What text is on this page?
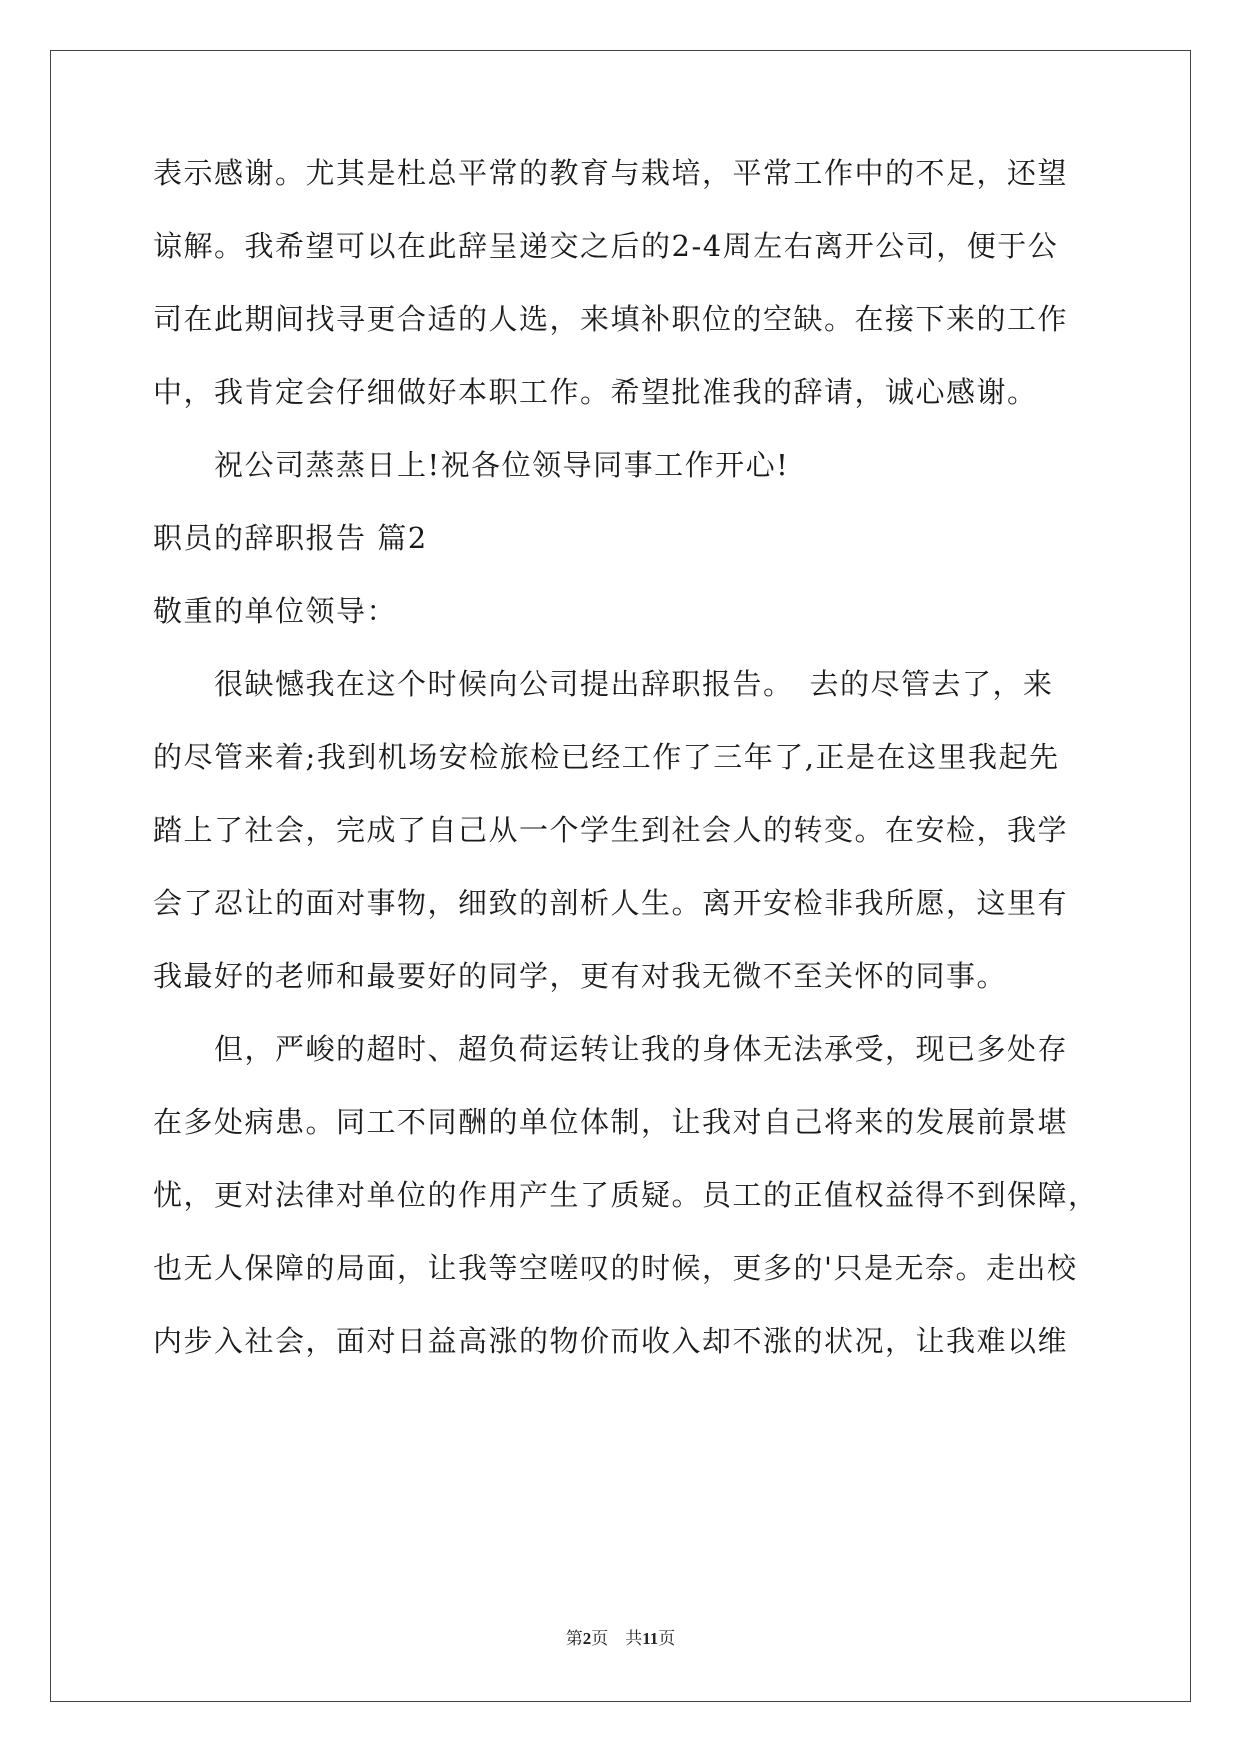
表示感谢。尤其是杜总平常的教育与栽培，平常工作中的不足，还望
谅解。我希望可以在此辞呈递交之后的2-4周左右离开公司，便于公
司在此期间找寻更合适的人选，来填补职位的空缺。在接下来的工作
中，我肯定会仔细做好本职工作。希望批准我的辞请，诚心感谢。
　　祝公司蒸蒸日上!祝各位领导同事工作开心!
职员的辞职报告 篇2
敬重的单位领导：
　　很缺憾我在这个时候向公司提出辞职报告。　去的尽管去了，来
的尽管来着;我到机场安检旅检已经工作了三年了,正是在这里我起先
踏上了社会，完成了自己从一个学生到社会人的转变。在安检，我学
会了忍让的面对事物，细致的剖析人生。离开安检非我所愿，这里有
我最好的老师和最要好的同学，更有对我无微不至关怀的同事。
　　但，严峻的超时、超负荷运转让我的身体无法承受，现已多处存
在多处病患。同工不同酬的单位体制，让我对自己将来的发展前景堪
忧，更对法律对单位的作用产生了质疑。员工的正值权益得不到保障，
也无人保障的局面，让我等空嗟叹的时候，更多的'只是无奈。走出校
内步入社会，面对日益高涨的物价而收入却不涨的状况，让我难以维
第2页 共11页
